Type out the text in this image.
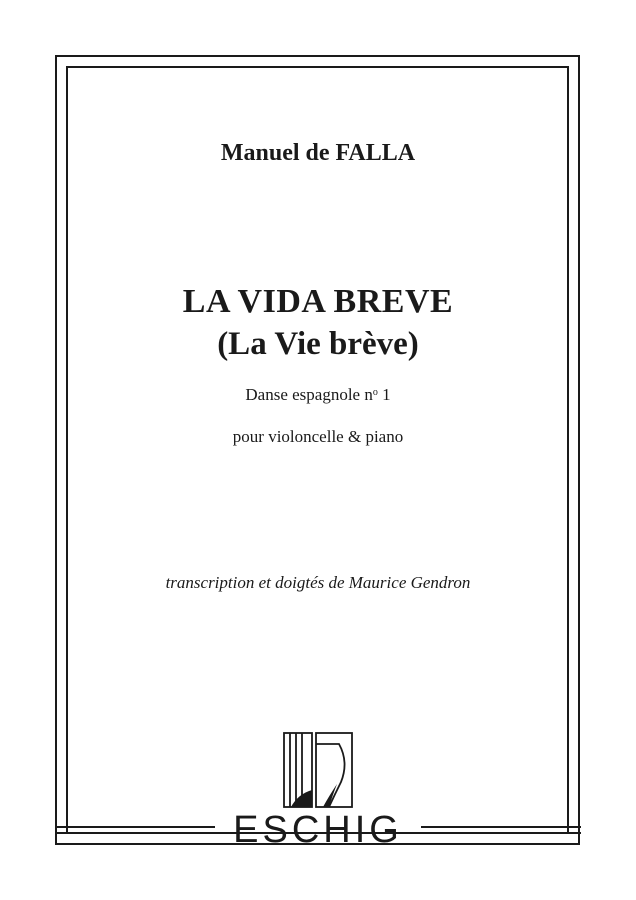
Manuel de FALLA
LA VIDA BREVE
(La Vie brève)
Danse espagnole $n^o$ 1
pour violoncelle & piano
transcription et doigtés de Maurice Gendron
ESCHIG
